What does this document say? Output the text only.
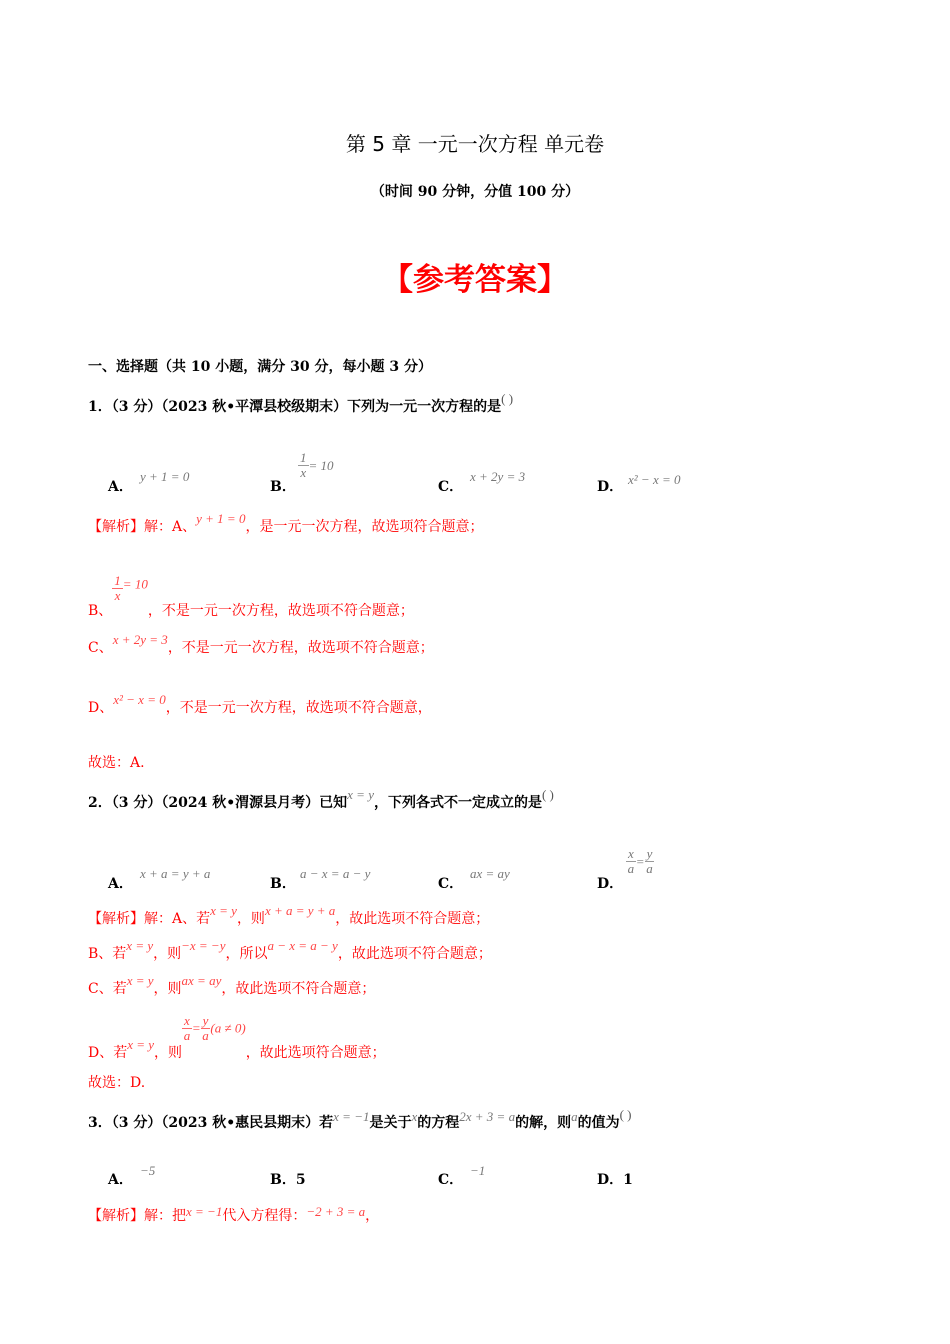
第 5 章 一元一次方程 单元卷
（时间 90 分钟，分值 100 分）
【参考答案】
一、选择题（共 10 小题，满分 30 分，每小题 3 分）
1．（3 分）（2023 秋•平潭县校级期末）下列为一元一次方程的是( )
A．
y + 1 = 0
B．
$\frac{1}{x} = 10$
C．
x + 2y = 3
D． x² − x = 0
【解析】解：A、y + 1 = 0，是一元一次方程，故选项符合题意；
B、
$\frac{1}{x} = 10$，不是一元一次方程，故选项不符合题意；
C、x + 2y = 3，不是一元一次方程，故选项不符合题意；
D、x² − x = 0，不是一元一次方程，故选项不符合题意，
故选：A.
2．（3 分）（2024 秋•渭源县月考）已知x = y，下列各式不一定成立的是( )
A．
x + a = y + a
B．
a − x = a − y
C．
ax = ay
D．
$\frac{x}{a} = \frac{y}{a}$
【解析】解：A、若x = y，则x + a = y + a，故此选项不符合题意；
B、若x = y，则−x = −y，所以a − x = a − y，故此选项不符合题意；
C、若x = y，则ax = ay，故此选项不符合题意；
D、若x = y，则
$\frac{x}{a} = \frac{y}{a} (a \ne 0)$，故此选项符合题意；
故选：D.
3．（3 分）（2023 秋•惠民县期末）若x = −1是关于x的方程2x + 3 = a的解，则a的值为( )
A．
−5
B．5	C．
−1
D．1
【解析】解：把x = −1代入方程得：−2 + 3 = a，
